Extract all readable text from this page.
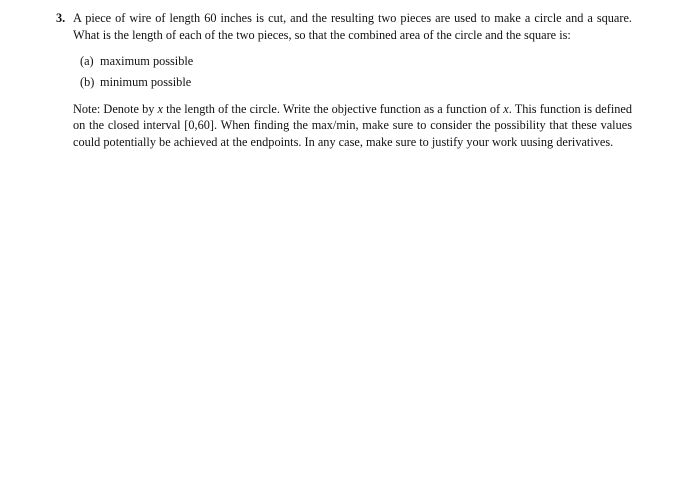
3. A piece of wire of length 60 inches is cut, and the resulting two pieces are used to make a circle and a square. What is the length of each of the two pieces, so that the combined area of the circle and the square is:
(a) maximum possible
(b) minimum possible
Note: Denote by x the length of the circle. Write the objective function as a function of x. This function is defined on the closed interval [0,60]. When finding the max/min, make sure to consider the possibility that these values could potentially be achieved at the endpoints. In any case, make sure to justify your work uusing derivatives.
